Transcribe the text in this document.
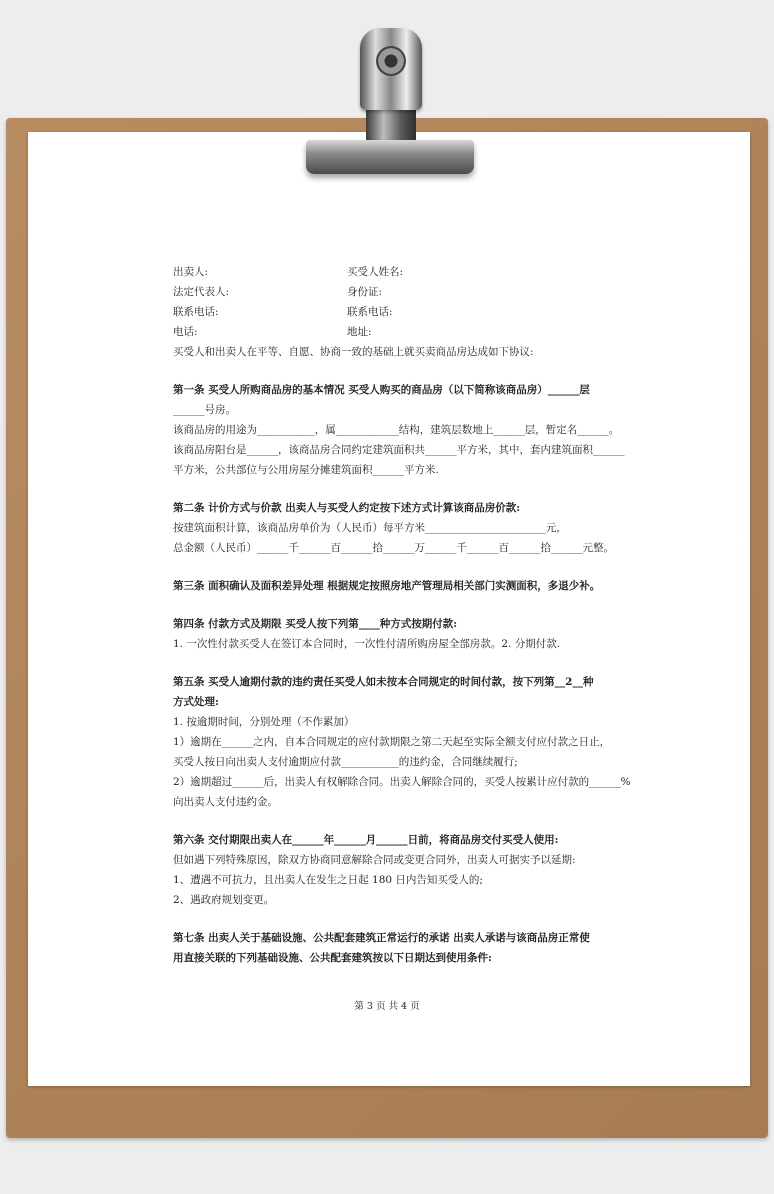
出卖人:	买受人姓名:
法定代表人:	身份证:
联系电话:	联系电话:
电话:	地址:
买受人和出卖人在平等、自愿、协商一致的基础上就买卖商品房达成如下协议:
第一条 买受人所购商品房的基本情况 买受人购买的商品房（以下简称该商品房）______层
______号房。
该商品房的用途为___________，属____________结构，建筑层数地上______层，暂定名______。
该商品房阳台是______，该商品房合同约定建筑面积共______平方米，其中，套内建筑面积______
平方米，公共部位与公用房屋分摊建筑面积______平方米.
第二条 计价方式与价款 出卖人与买受人约定按下述方式计算该商品房价款:
按建筑面积计算，该商品房单价为（人民币）每平方米_______________________元，
总金额（人民币）______千______百______拾______万______千______百______拾______元整。
第三条 面积确认及面积差异处理 根据规定按照房地产管理局相关部门实测面积，多退少补。
第四条 付款方式及期限 买受人按下列第____种方式按期付款:
1. 一次性付款买受人在签订本合同时，一次性付清所购房屋全部房款。2. 分期付款.
第五条 买受人逾期付款的违约责任买受人如未按本合同规定的时间付款，按下列第__2__种
方式处理:
1. 按逾期时间，分别处理（不作累加）
1）逾期在______之内，自本合同规定的应付款期限之第二天起至实际全额支付应付款之日止，
买受人按日向出卖人支付逾期应付款___________的违约金，合同继续履行;
2）逾期超过______后，出卖人有权解除合同。出卖人解除合同的，买受人按累计应付款的______%
向出卖人支付违约金。
第六条 交付期限出卖人在______年______月______日前，将商品房交付买受人使用:
但如遇下列特殊原因，除双方协商同意解除合同或变更合同外，出卖人可据实予以延期:
1、遭遇不可抗力，且出卖人在发生之日起 180 日内告知买受人的;
2、遇政府规划变更。
第七条 出卖人关于基础设施、公共配套建筑正常运行的承诺 出卖人承诺与该商品房正常使
用直接关联的下列基础设施、公共配套建筑按以下日期达到使用条件:
第 3 页 共 4 页
